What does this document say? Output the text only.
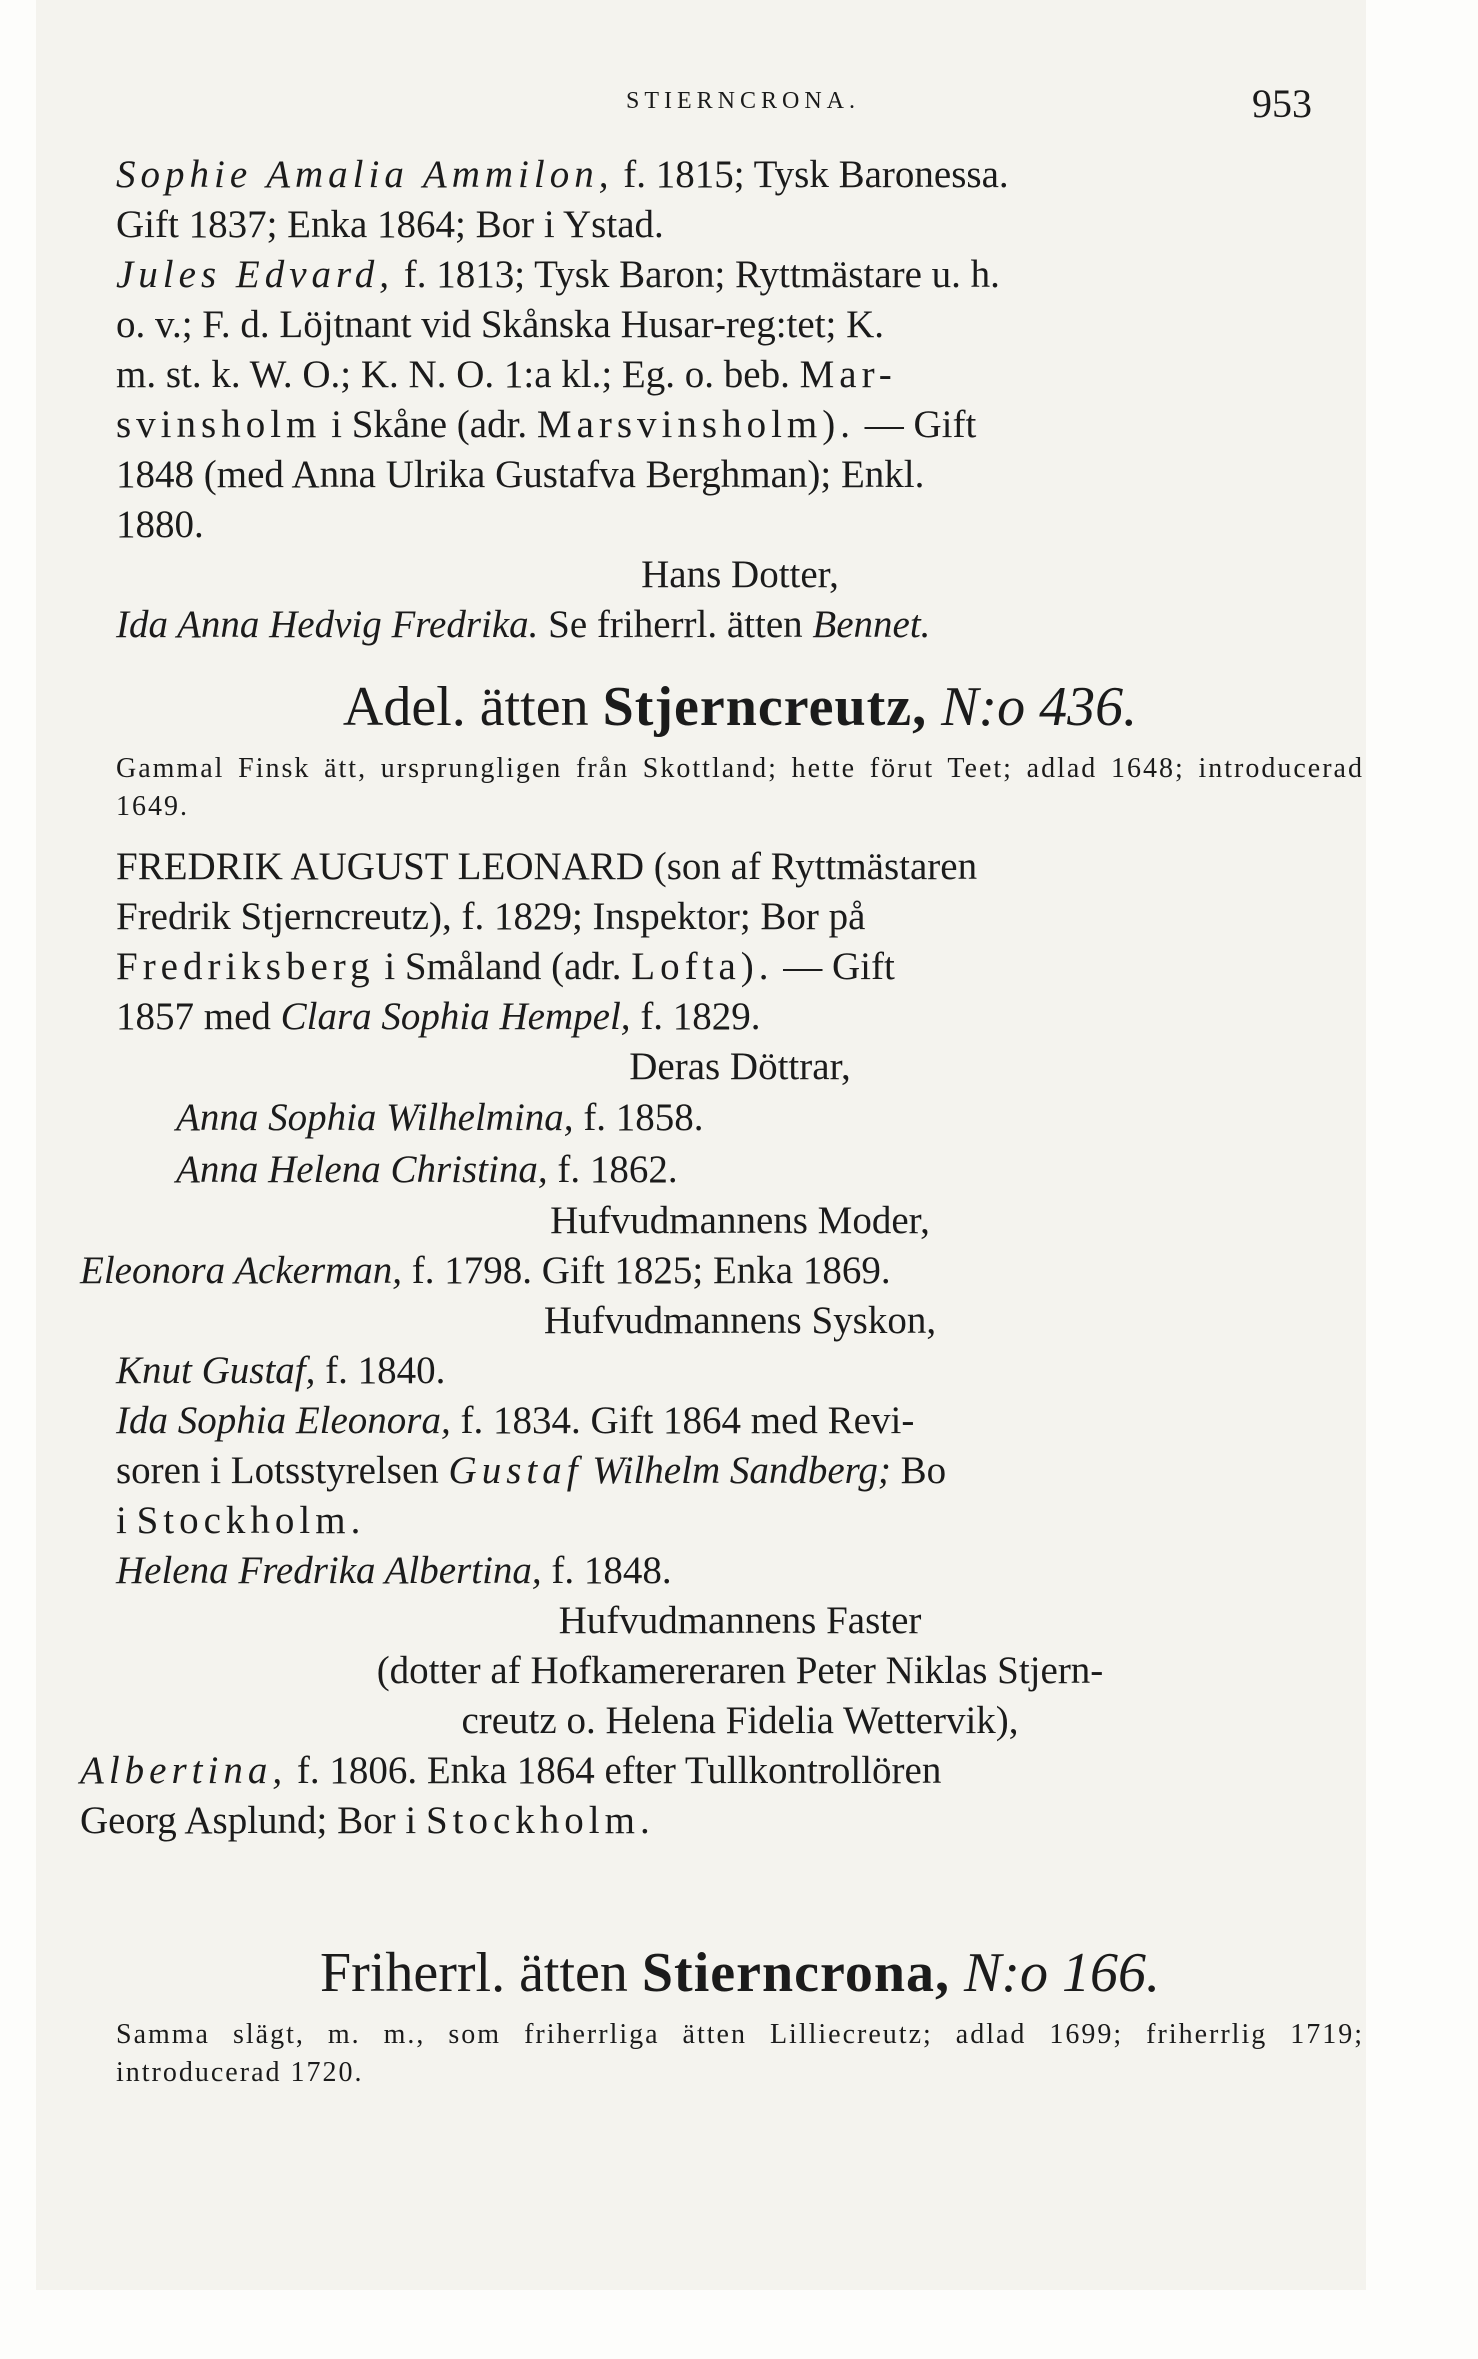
STIERNCRONA.	953

Sophie Amalia Ammilon, f. 1815; Tysk Baronessa.
Gift 1837; Enka 1864; Bor i Ystad.

Jules Edvard, f. 1813; Tysk Baron; Ryttmästare u. h.
o. v.; F. d. Löjtnant vid Skånska Husar-reg:tet; K.
m. st. k. W. O.; K. N. O. 1:a kl.; Eg. o. beb. Mar-
svinsholm i Skåne (adr. Marsvinsholm). — Gift
1848 (med Anna Ulrika Gustafva Berghman); Enkl.
1880.

Hans Dotter,

Ida Anna Hedvig Fredrika. Se friherrl. ätten Bennet.

Adel. ätten Stjerncreutz, N:o 436.

Gammal Finsk ätt, ursprungligen från Skottland; hette förut Teet; adlad 1648; introducerad 1649.

FREDRIK AUGUST LEONARD (son af Ryttmästaren
Fredrik Stjerncreutz), f. 1829; Inspektor; Bor på
Fredriksberg i Småland (adr. Lofta). — Gift
1857 med Clara Sophia Hempel, f. 1829.

Deras Döttrar,

Anna Sophia Wilhelmina, f. 1858.

Anna Helena Christina, f. 1862.

Hufvudmannens Moder,

Eleonora Ackerman, f. 1798. Gift 1825; Enka 1869.

Hufvudmannens Syskon,

Knut Gustaf, f. 1840.

Ida Sophia Eleonora, f. 1834. Gift 1864 med Revi-
soren i Lotsstyrelsen Gustaf Wilhelm Sandberg; Bo
i Stockholm.

Helena Fredrika Albertina, f. 1848.

Hufvudmannens Faster

(dotter af Hofkamereraren Peter Niklas Stjern-

creutz o. Helena Fidelia Wettervik),

Albertina, f. 1806. Enka 1864 efter Tullkontrollören
Georg Asplund; Bor i Stockholm.

Friherrl. ätten Stierncrona, N:o 166.

Samma slägt, m. m., som friherrliga ätten Lilliecreutz; adlad 1699; friherrlig 1719; introducerad 1720.
